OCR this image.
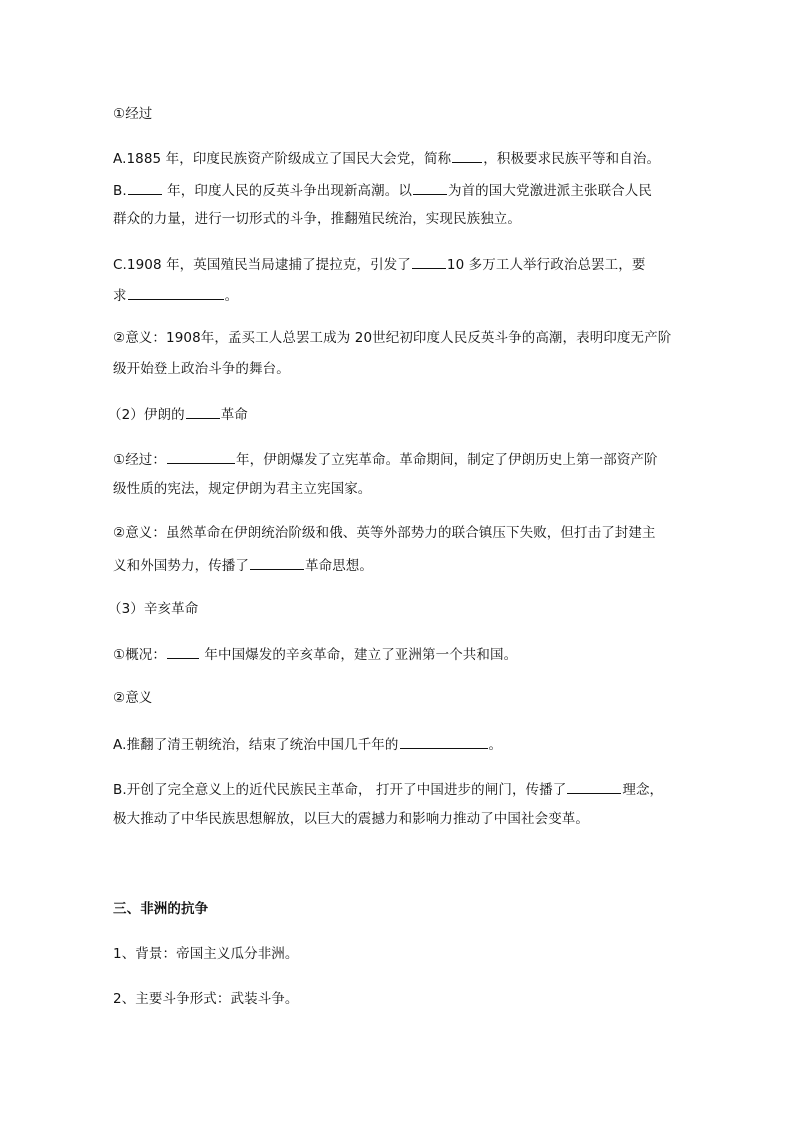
①经过
A.1885 年，印度民族资产阶级成立了国民大会党，简称 ，积极要求民族平等和自治。
B.	年，印度人民的反英斗争出现新高潮。以	为首的国大党激进派主张联合人民
群众的力量，进行一切形式的斗争，推翻殖民统治，实现民族独立。
C.1908 年，英国殖民当局逮捕了提拉克，引发了	10 多万工人举行政治总罢工，要
求	。
②意义：1908年，孟买工人总罢工成为 20世纪初印度人民反英斗争的高潮，表明印度无产阶
级开始登上政治斗争的舞台。
（2）伊朗的	革命
①经过：	年，伊朗爆发了立宪革命。革命期间，制定了伊朗历史上第一部资产阶
级性质的宪法，规定伊朗为君主立宪国家。
②意义：虽然革命在伊朗统治阶级和俄、英等外部势力的联合镇压下失败，但打击了封建主
义和外国势力，传播了	革命思想。
（3）辛亥革命
①概况：	年中国爆发的辛亥革命，建立了亚洲第一个共和国。
②意义
A.推翻了清王朝统治，结束了统治中国几千年的	。
B.开创了完全意义上的近代民族民主革命， 打开了中国进步的闸门，传播了	理念，
极大推动了中华民族思想解放，以巨大的震撼力和影响力推动了中国社会变革。
三、非洲的抗争
1、背景：帝国主义瓜分非洲。
2、主要斗争形式：武装斗争。
